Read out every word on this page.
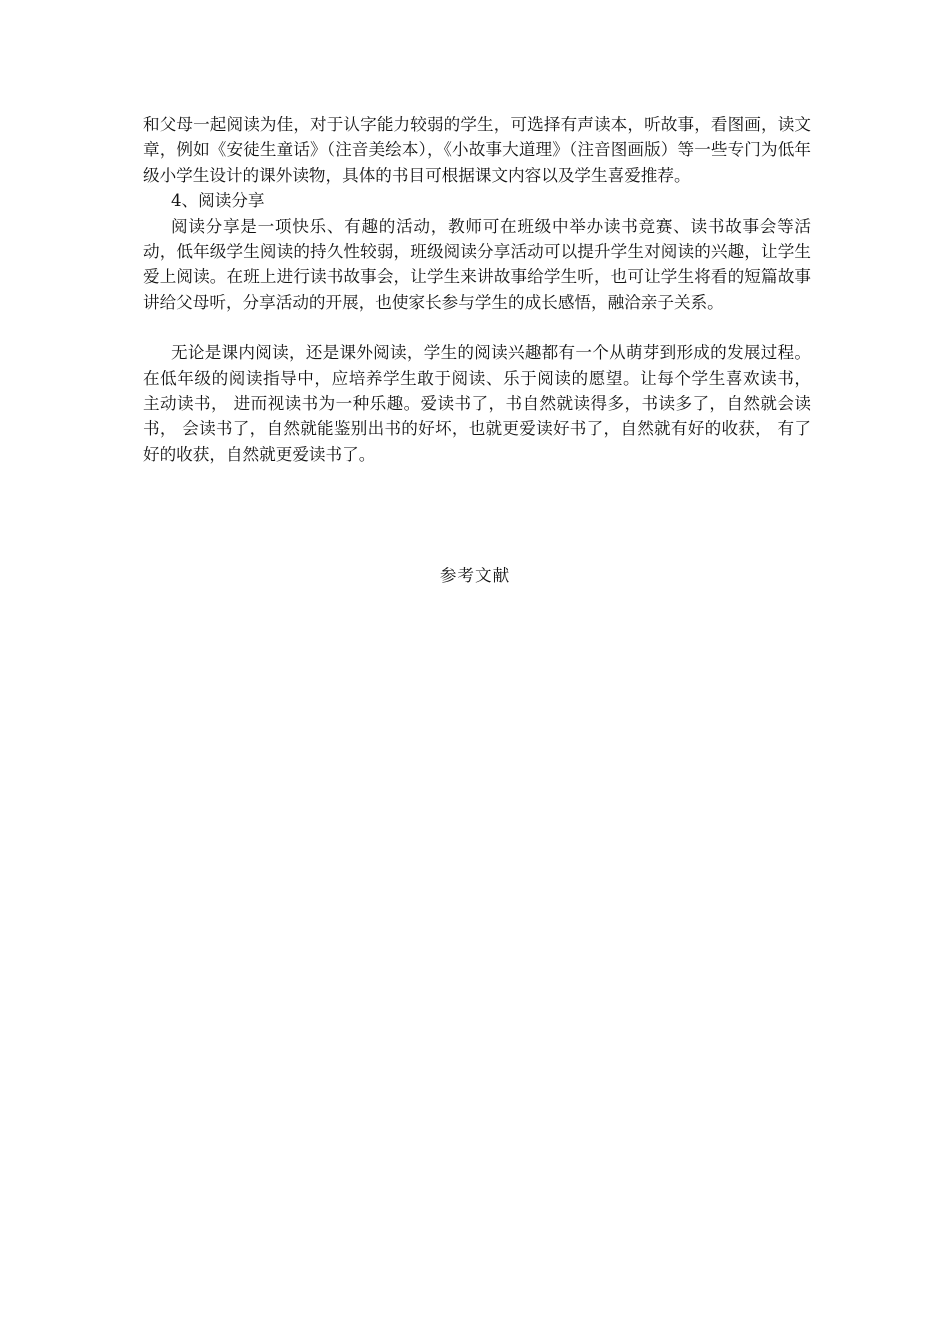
和父母一起阅读为佳，对于认字能力较弱的学生，可选择有声读本，听故事，看图画，读文章，例如《安徒生童话》（注音美绘本），《小故事大道理》（注音图画版）等一些专门为低年级小学生设计的课外读物，具体的书目可根据课文内容以及学生喜爱推荐。

4、阅读分享

阅读分享是一项快乐、有趣的活动，教师可在班级中举办读书竞赛、读书故事会等活动，低年级学生阅读的持久性较弱，班级阅读分享活动可以提升学生对阅读的兴趣，让学生爱上阅读。在班上进行读书故事会，让学生来讲故事给学生听，也可让学生将看的短篇故事讲给父母听，分享活动的开展，也使家长参与学生的成长感悟，融洽亲子关系。

无论是课内阅读，还是课外阅读，学生的阅读兴趣都有一个从萌芽到形成的发展过程。在低年级的阅读指导中，应培养学生敢于阅读、乐于阅读的愿望。让每个学生喜欢读书， 主动读书， 进而视读书为一种乐趣。爱读书了，书自然就读得多，书读多了，自然就会读书， 会读书了，自然就能鉴别出书的好坏，也就更爱读好书了，自然就有好的收获， 有了好的收获，自然就更爱读书了。

参考文献
